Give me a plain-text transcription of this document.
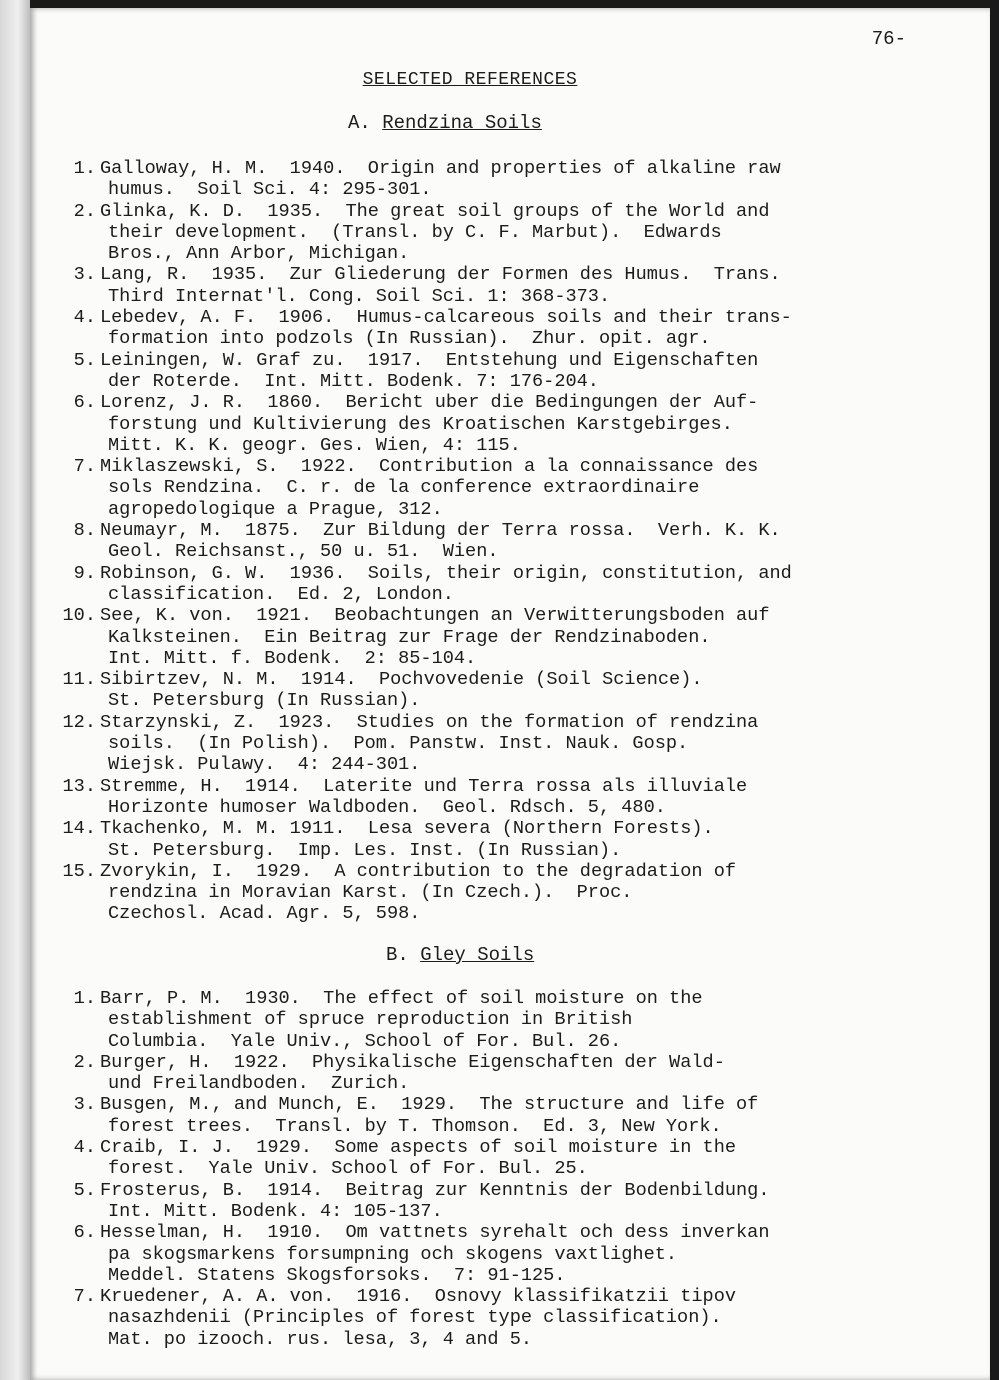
76-
SELECTED REFERENCES
A. Rendzina Soils
1. Galloway, H. M.  1940.  Origin and properties of alkaline raw
humus.  Soil Sci. 4: 295-301.
2. Glinka, K. D.  1935.  The great soil groups of the World and
their development.  (Transl. by C. F. Marbut).  Edwards
Bros., Ann Arbor, Michigan.
3. Lang, R.  1935.  Zur Gliederung der Formen des Humus.  Trans.
Third Internat'l. Cong. Soil Sci. 1: 368-373.
4. Lebedev, A. F.  1906.  Humus-calcareous soils and their trans-
formation into podzols (In Russian).  Zhur. opit. agr.
5. Leiningen, W. Graf zu.  1917.  Entstehung und Eigenschaften
der Roterde.  Int. Mitt. Bodenk. 7: 176-204.
6. Lorenz, J. R.  1860.  Bericht uber die Bedingungen der Auf-
forstung und Kultivierung des Kroatischen Karstgebirges.
Mitt. K. K. geogr. Ges. Wien, 4: 115.
7. Miklaszewski, S.  1922.  Contribution a la connaissance des
sols Rendzina.  C. r. de la conference extraordinaire
agropedologique a Prague, 312.
8. Neumayr, M.  1875.  Zur Bildung der Terra rossa.  Verh. K. K.
Geol. Reichsanst., 50 u. 51.  Wien.
9. Robinson, G. W.  1936.  Soils, their origin, constitution, and
classification.  Ed. 2, London.
10. See, K. von.  1921.  Beobachtungen an Verwitterungsboden auf
Kalksteinen.  Ein Beitrag zur Frage der Rendzinaboden.
Int. Mitt. f. Bodenk.  2: 85-104.
11. Sibirtzev, N. M.  1914.  Pochvovedenie (Soil Science).
St. Petersburg (In Russian).
12. Starzynski, Z.  1923.  Studies on the formation of rendzina
soils.  (In Polish).  Pom. Panstw. Inst. Nauk. Gosp.
Wiejsk. Pulawy.  4: 244-301.
13. Stremme, H.  1914.  Laterite und Terra rossa als illuviale
Horizonte humoser Waldboden.  Geol. Rdsch. 5, 480.
14. Tkachenko, M. M. 1911.  Lesa severa (Northern Forests).
St. Petersburg.  Imp. Les. Inst. (In Russian).
15. Zvorykin, I.  1929.  A contribution to the degradation of
rendzina in Moravian Karst. (In Czech.).  Proc.
Czechosl. Acad. Agr. 5, 598.
B. Gley Soils
1. Barr, P. M.  1930.  The effect of soil moisture on the
establishment of spruce reproduction in British
Columbia.  Yale Univ., School of For. Bul. 26.
2. Burger, H.  1922.  Physikalische Eigenschaften der Wald-
und Freilandboden.  Zurich.
3. Busgen, M., and Munch, E.  1929.  The structure and life of
forest trees.  Transl. by T. Thomson.  Ed. 3, New York.
4. Craib, I. J.  1929.  Some aspects of soil moisture in the
forest.  Yale Univ. School of For. Bul. 25.
5. Frosterus, B.  1914.  Beitrag zur Kenntnis der Bodenbildung.
Int. Mitt. Bodenk. 4: 105-137.
6. Hesselman, H.  1910.  Om vattnets syrehalt och dess inverkan
pa skogsmarkens forsumpning och skogens vaxtlighet.
Meddel. Statens Skogsforsoks.  7: 91-125.
7. Kruedener, A. A. von.  1916.  Osnovy klassifikatzii tipov
nasazhdenii (Principles of forest type classification).
Mat. po izooch. rus. lesa, 3, 4 and 5.
